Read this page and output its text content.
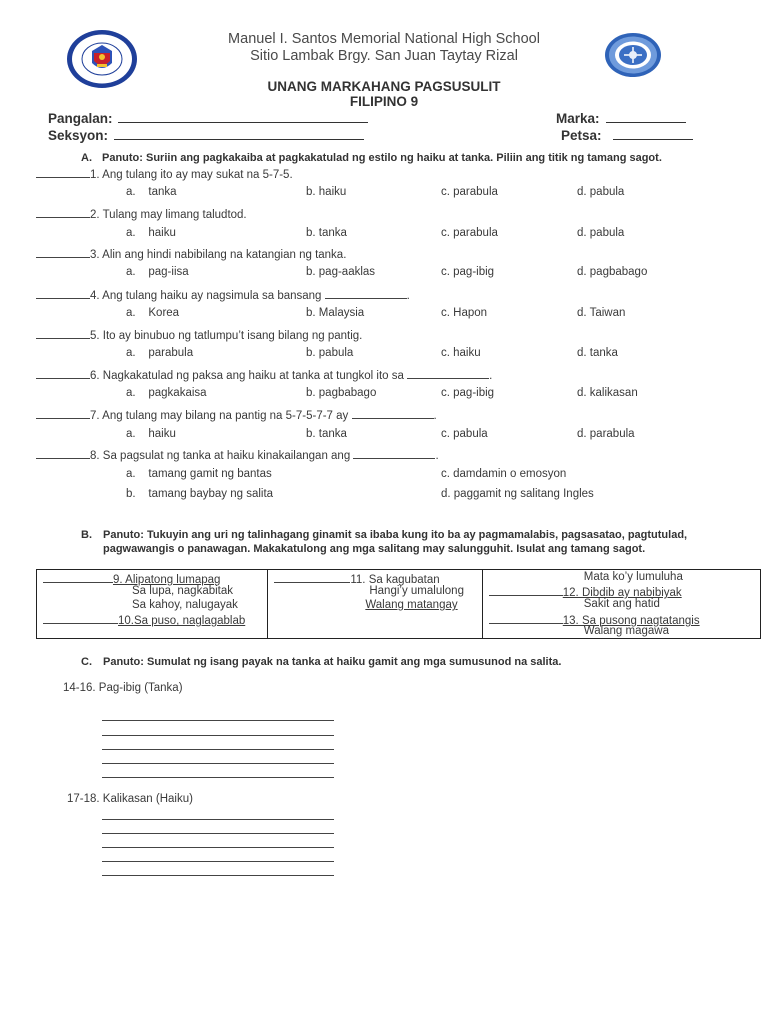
Manuel I. Santos Memorial National High School
Sitio Lambak Brgy. San Juan Taytay Rizal
UNANG MARKAHANG PAGSUSULIT
FILIPINO 9
Pangalan:
Seksyon:
Marka:
Petsa:
A. Panuto: Suriin ang pagkakaiba at pagkakatulad ng estilo ng haiku at tanka. Piliin ang titik ng tamang sagot.
1. Ang tulang ito ay may sukat na 5-7-5.
a. tanka	b. haiku	c. parabula	d. pabula
2. Tulang may limang taludtod.
a. haiku	b. tanka	c. parabula	d. pabula
3. Alin ang hindi nabibilang na katangian ng tanka.
a. pag-iisa	b. pag-aaklas	c. pag-ibig	d. pagbabago
4. Ang tulang haiku ay nagsimula sa bansang	.
a. Korea	b. Malaysia	c. Hapon	d. Taiwan
5. Ito ay binubuo ng tatlumpu’t isang bilang ng pantig.
a. parabula	b. pabula	c. haiku	d. tanka
6. Nagkakatulad ng paksa ang haiku at tanka at tungkol ito sa	.
a. pagkakaisa	b. pagbabago	c. pag-ibig	d. kalikasan
7. Ang tulang may bilang na pantig na 5-7-5-7-7 ay	.
a. haiku	b. tanka	c. pabula	d. parabula
8. Sa pagsulat ng tanka at haiku kinakailangan ang	.
a. tamang gamit ng bantas	c. damdamin o emosyon
b. tamang baybay ng salita	d. paggamit ng salitang Ingles
B. Panuto: Tukuyin ang uri ng talinhagang ginamit sa ibaba kung ito ba ay pagmamalabis, pagsasatao, pagtutulad,
pagwawangis o panawagan. Makakatulong ang mga salitang may salungguhit. Isulat ang tamang sagot.
9. Alipatong lumapag
Sa lupa, nagkabitak
Sa kahoy, nalugayak
10.Sa puso, naglagablab

11. Sa kagubatan
Hangi’y umalulong
Walang matangay

Mata ko’y lumuluha
12. Dibdib ay nabibiyak
Sakit ang hatid
13. Sa pusong nagtatangis
Walang magawa
C. Panuto: Sumulat ng isang payak na tanka at haiku gamit ang mga sumusunod na salita.
14-16. Pag-ibig (Tanka)
17-18. Kalikasan (Haiku)
